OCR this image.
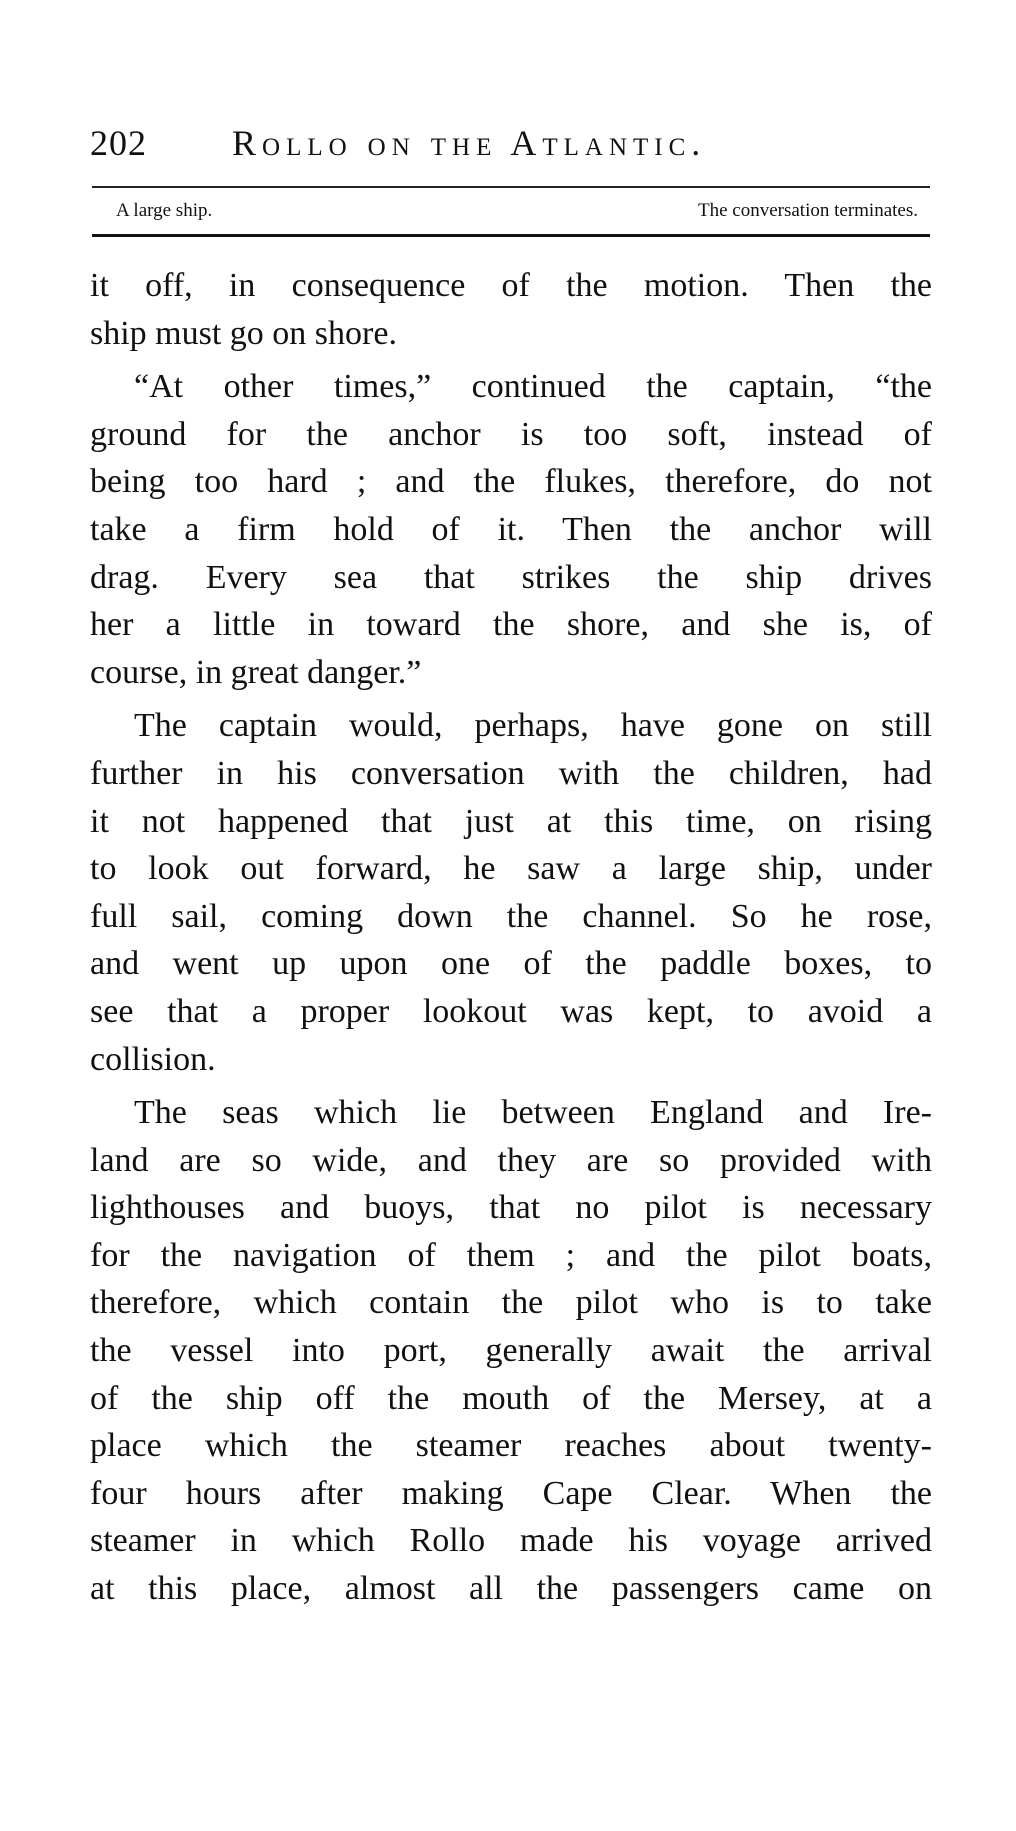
202 Rollo on the Atlantic.
A large ship.	The conversation terminates.
it off, in consequence of the motion. Then the
ship must go on shore.
“At other times,” continued the captain, “the
ground for the anchor is too soft, instead of
being too hard ; and the flukes, therefore, do not
take a firm hold of it. Then the anchor will
drag. Every sea that strikes the ship drives
her a little in toward the shore, and she is, of
course, in great danger.”
The captain would, perhaps, have gone on still
further in his conversation with the children, had
it not happened that just at this time, on rising
to look out forward, he saw a large ship, under
full sail, coming down the channel. So he rose,
and went up upon one of the paddle boxes, to
see that a proper lookout was kept, to avoid a
collision.
The seas which lie between England and Ire-
land are so wide, and they are so provided with
lighthouses and buoys, that no pilot is necessary
for the navigation of them ; and the pilot boats,
therefore, which contain the pilot who is to take
the vessel into port, generally await the arrival
of the ship off the mouth of the Mersey, at a
place which the steamer reaches about twenty-
four hours after making Cape Clear. When the
steamer in which Rollo made his voyage arrived
at this place, almost all the passengers came on
